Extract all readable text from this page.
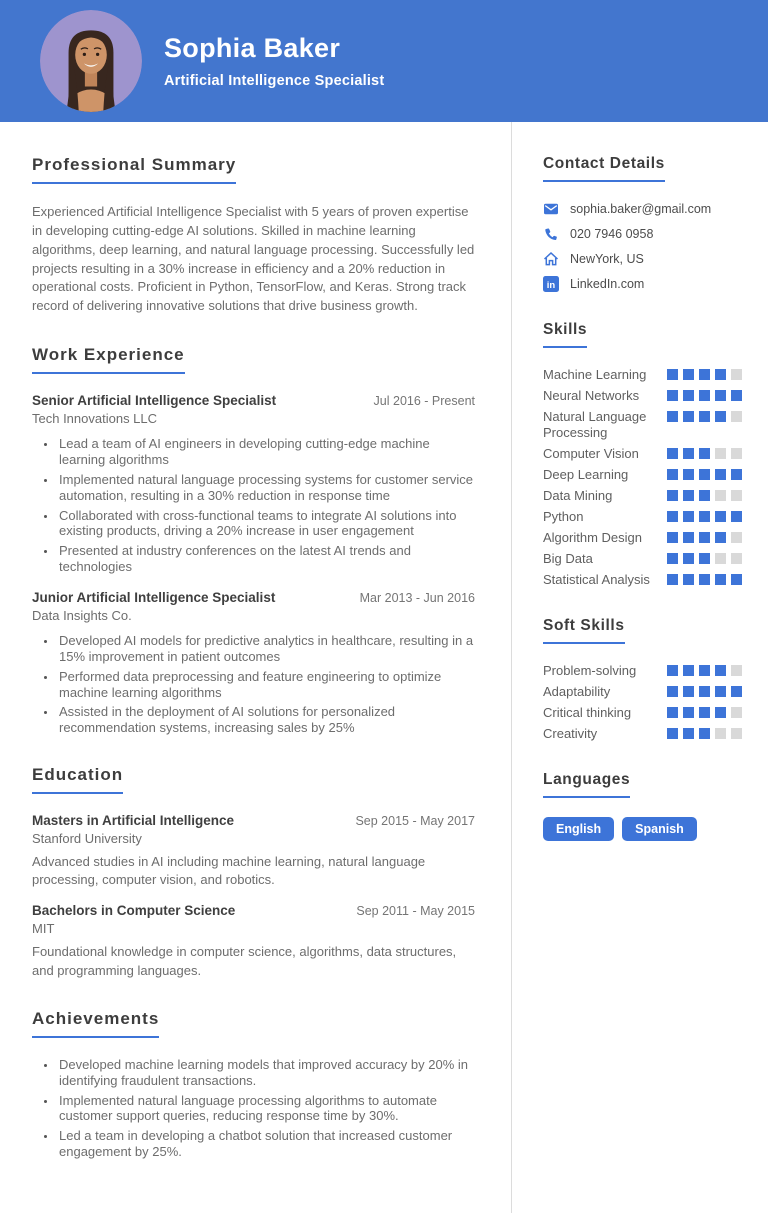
Sophia Baker
Artificial Intelligence Specialist
Professional Summary

Experienced Artificial Intelligence Specialist with 5 years of proven expertise in developing cutting-edge AI solutions. Skilled in machine learning algorithms, deep learning, and natural language processing. Successfully led projects resulting in a 30% increase in efficiency and a 20% reduction in operational costs. Proficient in Python, TensorFlow, and Keras. Strong track record of delivering innovative solutions that drive business growth.

Work Experience
Senior Artificial Intelligence Specialist	Jul 2016 - Present
Tech Innovations LLC
• Lead a team of AI engineers in developing cutting-edge machine learning algorithms
• Implemented natural language processing systems for customer service automation, resulting in a 30% reduction in response time
• Collaborated with cross-functional teams to integrate AI solutions into existing products, driving a 20% increase in user engagement
• Presented at industry conferences on the latest AI trends and technologies
Junior Artificial Intelligence Specialist	Mar 2013 - Jun 2016
Data Insights Co.
• Developed AI models for predictive analytics in healthcare, resulting in a 15% improvement in patient outcomes
• Performed data preprocessing and feature engineering to optimize machine learning algorithms
• Assisted in the deployment of AI solutions for personalized recommendation systems, increasing sales by 25%
Education
Masters in Artificial Intelligence	Sep 2015 - May 2017
Stanford University

Advanced studies in AI including machine learning, natural language processing, computer vision, and robotics.

Bachelors in Computer Science	Sep 2011 - May 2015
MIT

Foundational knowledge in computer science, algorithms, data structures, and programming languages.

Achievements
• Developed machine learning models that improved accuracy by 20% in identifying fraudulent transactions.
• Implemented natural language processing algorithms to automate customer support queries, reducing response time by 30%.
• Led a team in developing a chatbot solution that increased customer engagement by 25%.
Contact Details
sophia.baker@gmail.com
020 7946 0958
NewYork, US
in LinkedIn.com
Skills
Machine Learning
Neural Networks
Natural Language Processing
Computer Vision
Deep Learning
Data Mining
Python
Algorithm Design
Big Data
Statistical Analysis
Soft Skills
Problem-solving
Adaptability
Critical thinking
Creativity
Languages
English	Spanish
